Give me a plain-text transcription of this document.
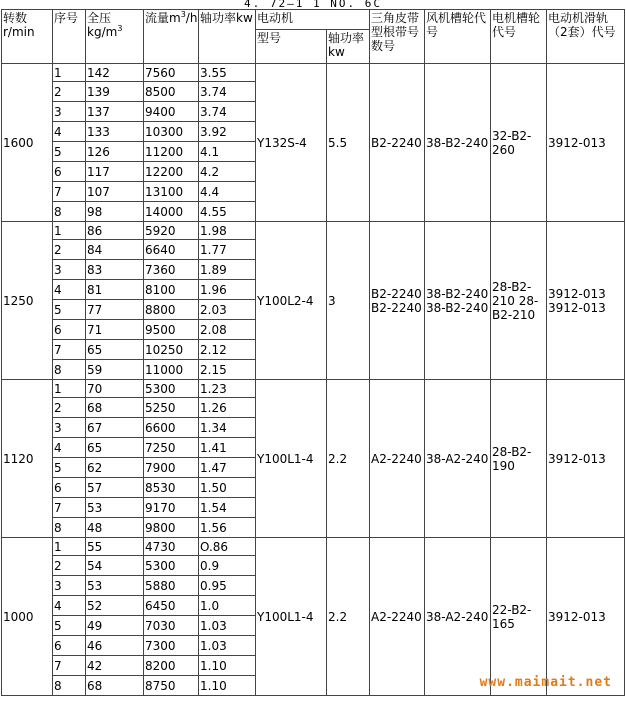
4. 72—1 1 NO. 6C
转数r/min	序号	全压$kg/m^3$	流量$m^3/h$	轴功率kw	电动机		三角皮带型根带号数号	风机槽轮代号	电机槽轮代号	电动机滑轨（2套）代号
					型号	轴功率kw				
1600	1	142	7560	3.55	Y132S-4	5.5	B2-2240	38-B2-240	32-B2-260	3912-013
	2	139	8500	3.74						
	3	137	9400	3.74						
	4	133	10300	3.92						
	5	126	11200	4.1						
	6	117	12200	4.2						
	7	107	13100	4.4						
	8	98	14000	4.55						
1250	1	86	5920	1.98	Y100L2-4	3	B2-2240 B2-2240	38-B2-240 38-B2-240	28-B2-210 28-B2-210	3912-013 3912-013
	2	84	6640	1.77						
	3	83	7360	1.89						
	4	81	8100	1.96						
	5	77	8800	2.03						
	6	71	9500	2.08						
	7	65	10250	2.12						
	8	59	11000	2.15						
1120	1	70	5300	1.23	Y100L1-4	2.2	A2-2240	38-A2-240	28-B2-190	3912-013
	2	68	5250	1.26						
	3	67	6600	1.34						
	4	65	7250	1.41						
	5	62	7900	1.47						
	6	57	8530	1.50						
	7	53	9170	1.54						
	8	48	9800	1.56						
1000	1	55	4730	O.86	Y100L1-4	2.2	A2-2240	38-A2-240	22-B2-165	3912-013
	2	54	5300	0.9						
	3	53	5880	0.95						
	4	52	6450	1.0						
	5	49	7030	1.03						
	6	46	7300	1.03						
	7	42	8200	1.10						
	8	68	8750	1.10							www.maimait.net
